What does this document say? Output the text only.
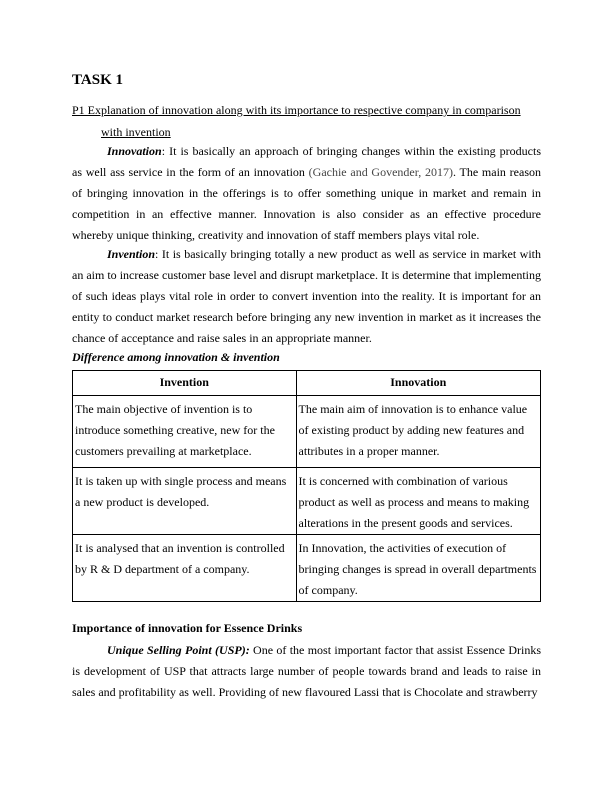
TASK 1

P1 Explanation of innovation along with its importance to respective company in comparison
with invention

Innovation: It is basically an approach of bringing changes within the existing products as well ass service in the form of an innovation (Gachie and Govender, 2017). The main reason of bringing innovation in the offerings is to offer something unique in market and remain in competition in an effective manner. Innovation is also consider as an effective procedure whereby unique thinking, creativity and innovation of staff members plays vital role.

Invention: It is basically bringing totally a new product as well as service in market with an aim to increase customer base level and disrupt marketplace. It is determine that implementing of such ideas plays vital role in order to convert invention into the reality. It is important for an entity to conduct market research before bringing any new invention in market as it increases the chance of acceptance and raise sales in an appropriate manner.

Difference among innovation & invention

Invention	Innovation
The main objective of invention is to introduce something creative, new for the customers prevailing at marketplace.	The main aim of innovation is to enhance value of existing product by adding new features and attributes in a proper manner.
It is taken up with single process and means a new product is developed.	It is concerned with combination of various product as well as process and means to making alterations in the present goods and services.
It is analysed that an invention is controlled by R & D department of a company.	In Innovation, the activities of execution of bringing changes is spread in overall departments of company.

Importance of innovation for Essence Drinks

Unique Selling Point (USP): One of the most important factor that assist Essence Drinks is development of USP that attracts large number of people towards brand and leads to raise in sales and profitability as well. Providing of new flavoured Lassi that is Chocolate and strawberry
